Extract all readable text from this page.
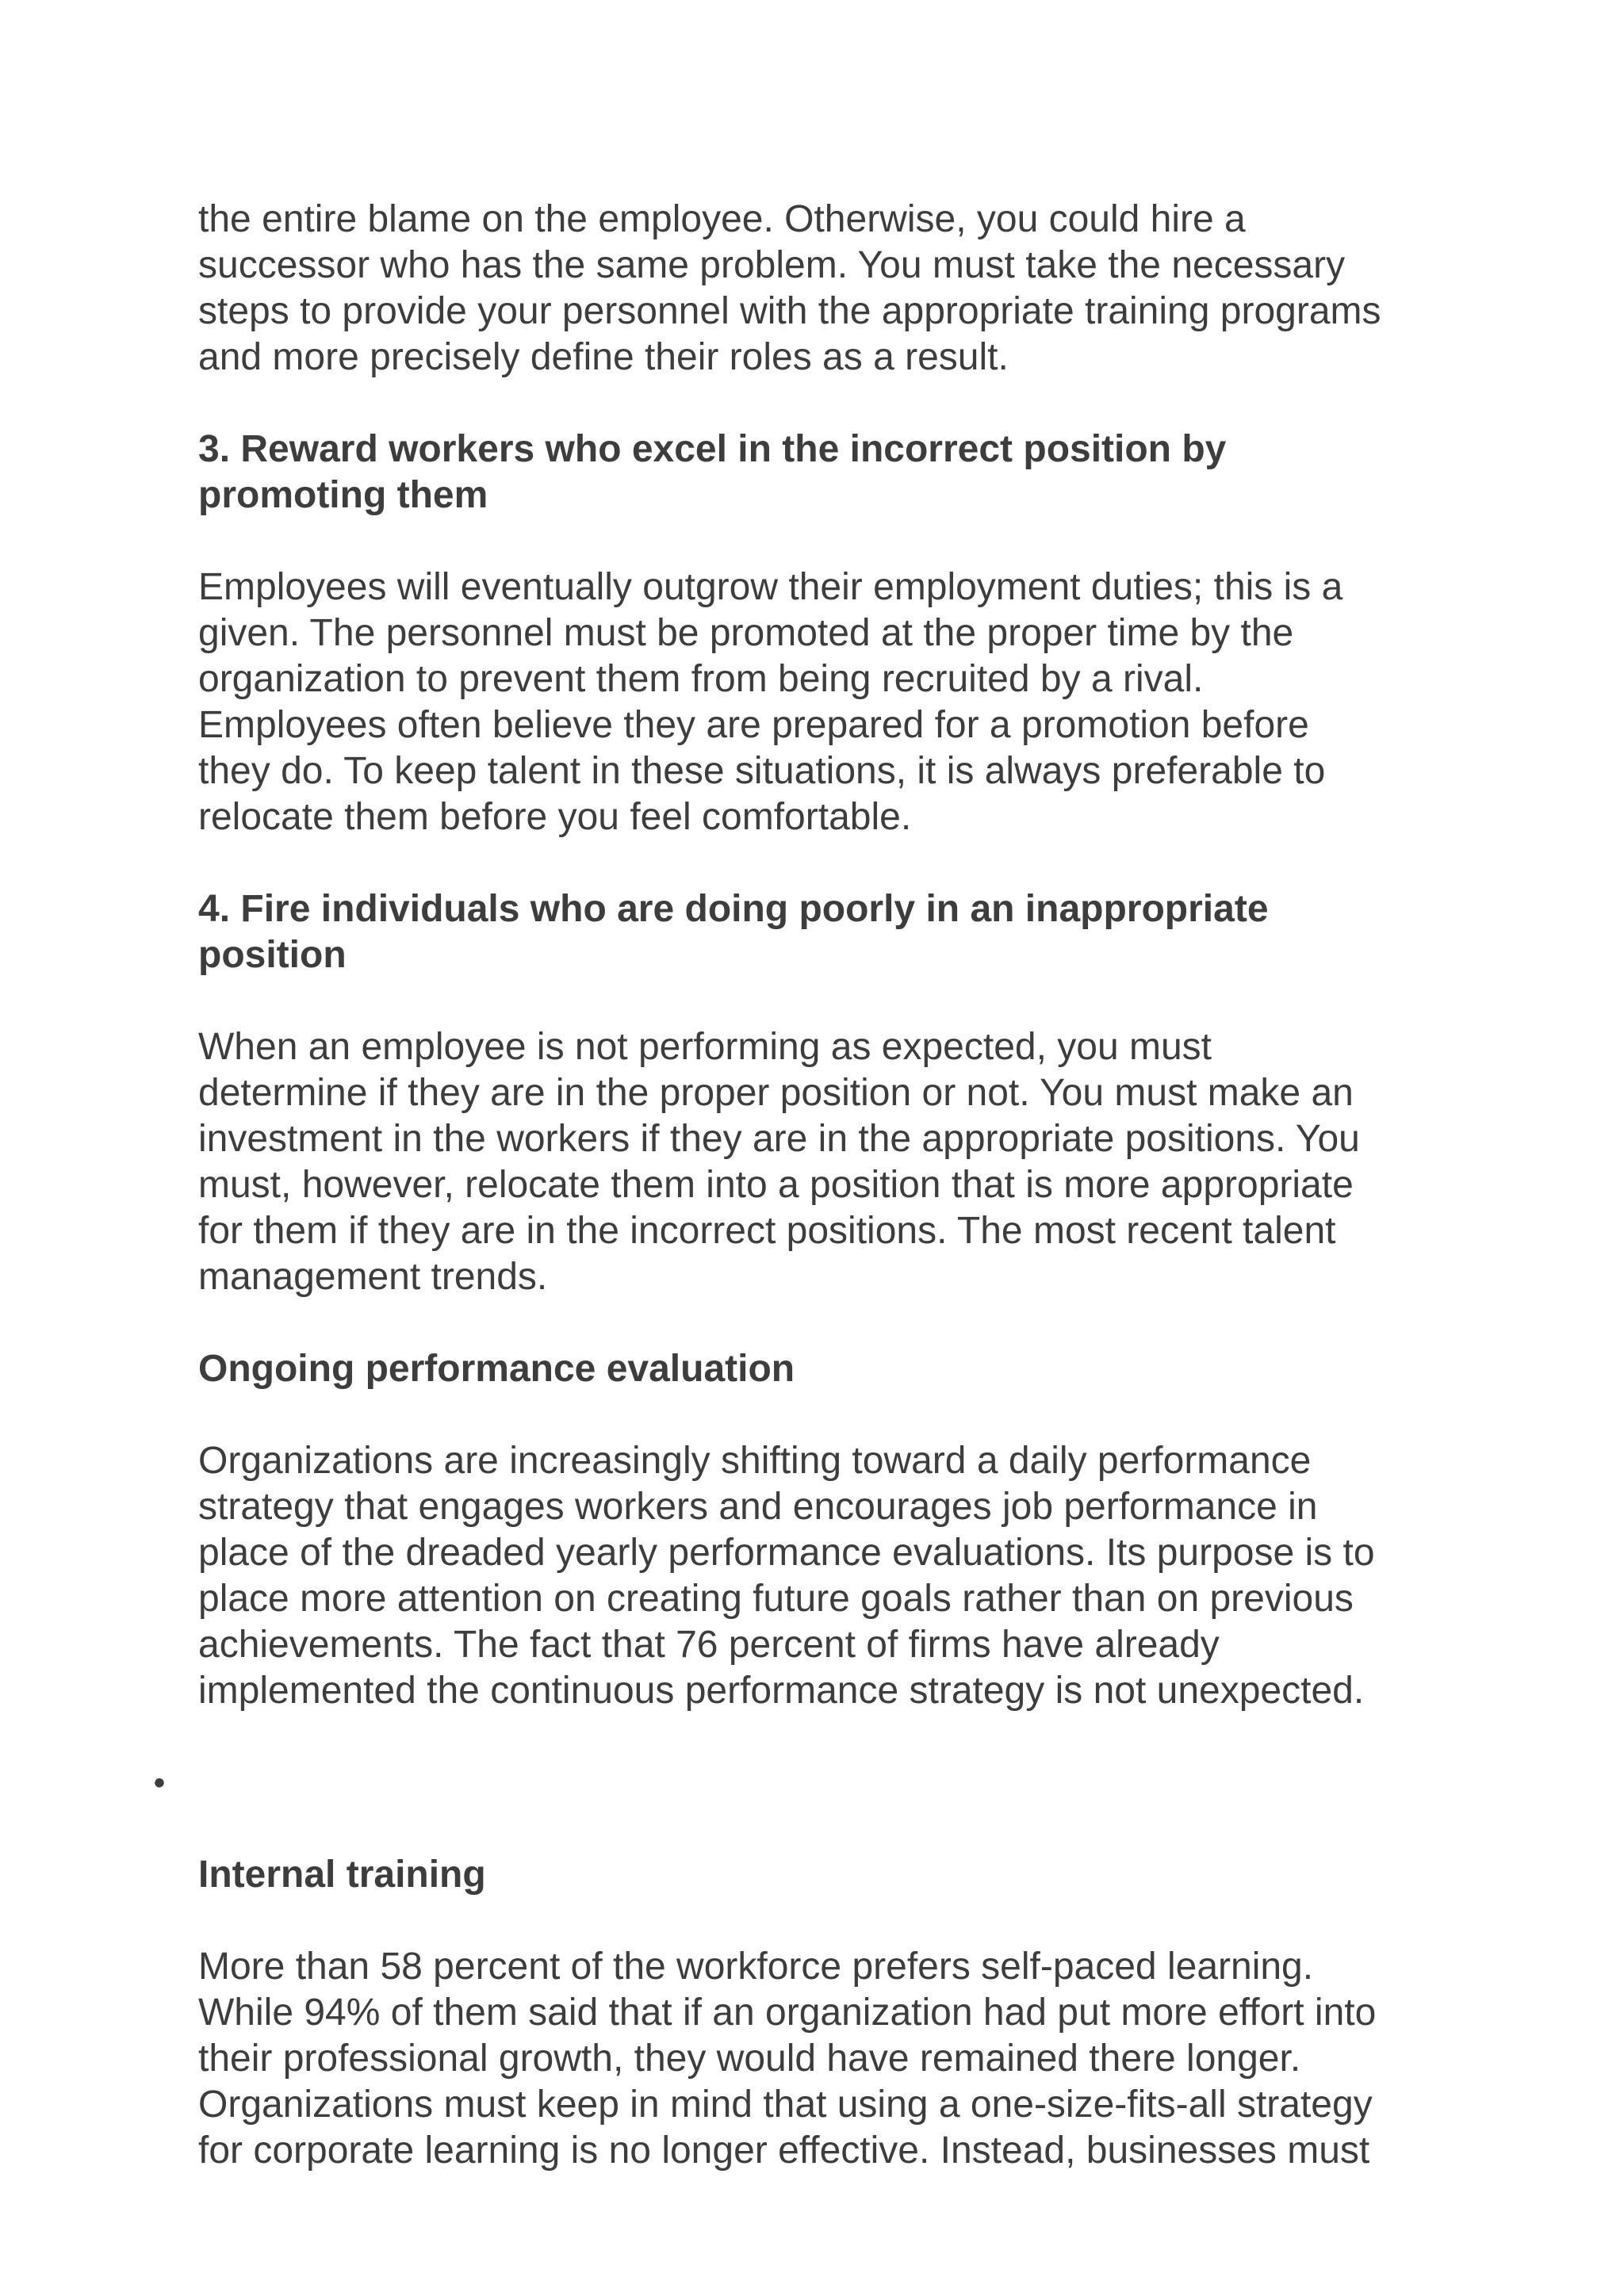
the entire blame on the employee. Otherwise, you could hire a
successor who has the same problem. You must take the necessary
steps to provide your personnel with the appropriate training programs
and more precisely define their roles as a result.

3. Reward workers who excel in the incorrect position by
promoting them

Employees will eventually outgrow their employment duties; this is a
given. The personnel must be promoted at the proper time by the
organization to prevent them from being recruited by a rival.
Employees often believe they are prepared for a promotion before
they do. To keep talent in these situations, it is always preferable to
relocate them before you feel comfortable.

4. Fire individuals who are doing poorly in an inappropriate
position

When an employee is not performing as expected, you must
determine if they are in the proper position or not. You must make an
investment in the workers if they are in the appropriate positions. You
must, however, relocate them into a position that is more appropriate
for them if they are in the incorrect positions. The most recent talent
management trends.

Ongoing performance evaluation

Organizations are increasingly shifting toward a daily performance
strategy that engages workers and encourages job performance in
place of the dreaded yearly performance evaluations. Its purpose is to
place more attention on creating future goals rather than on previous
achievements. The fact that 76 percent of firms have already
implemented the continuous performance strategy is not unexpected.

•

Internal training

More than 58 percent of the workforce prefers self-paced learning.
While 94% of them said that if an organization had put more effort into
their professional growth, they would have remained there longer.
Organizations must keep in mind that using a one-size-fits-all strategy
for corporate learning is no longer effective. Instead, businesses must
